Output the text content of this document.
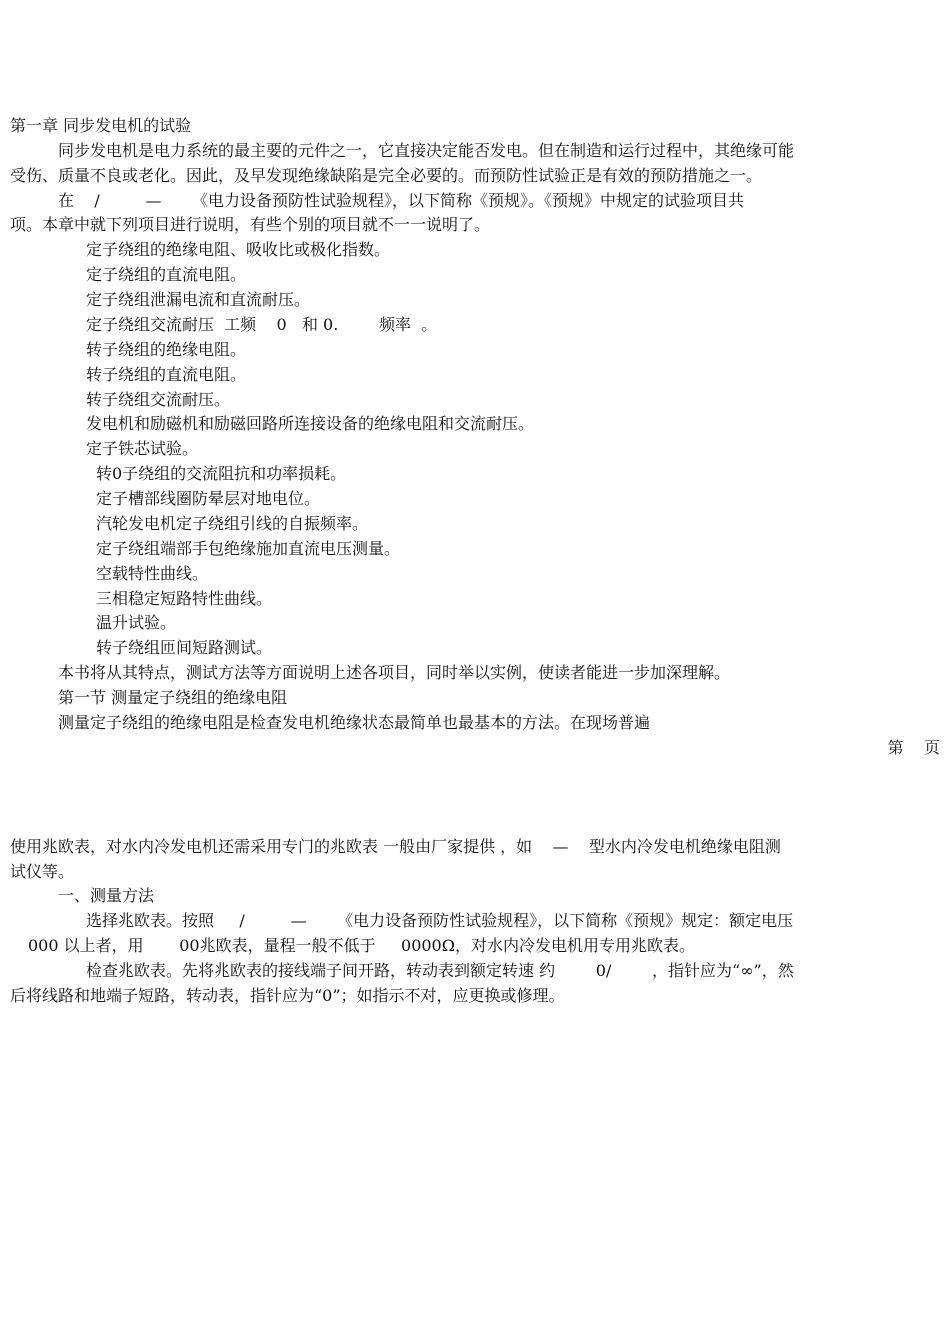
第一章 同步发电机的试验
同步发电机是电力系统的最主要的元件之一，它直接决定能否发电。但在制造和运行过程中，其绝缘可能
受伤、质量不良或老化。因此，及早发现绝缘缺陷是完全必要的。而预防性试验正是有效的预防措施之一。
在    /         —      《电力设备预防性试验规程》，以下简称《预规》。《预规》中规定的试验项目共
项。本章中就下列项目进行说明，有些个别的项目就不一一说明了。
定子绕组的绝缘电阻、吸收比或极化指数。
定子绕组的直流电阻。
定子绕组泄漏电流和直流耐压。
定子绕组交流耐压  工频    0   和 0.        频率  。
转子绕组的绝缘电阻。
转子绕组的直流电阻。
转子绕组交流耐压。
发电机和励磁机和励磁回路所连接设备的绝缘电阻和交流耐压。
定子铁芯试验。
转0子绕组的交流阻抗和功率损耗。
定子槽部线圈防晕层对地电位。
汽轮发电机定子绕组引线的自振频率。
定子绕组端部手包绝缘施加直流电压测量。
空载特性曲线。
三相稳定短路特性曲线。
温升试验。
转子绕组匝间短路测试。
本书将从其特点，测试方法等方面说明上述各项目，同时举以实例，使读者能进一步加深理解。
第一节 测量定子绕组的绝缘电阻
测量定子绕组的绝缘电阻是检查发电机绝缘状态最简单也最基本的方法。在现场普遍
第    页
使用兆欧表，对水内冷发电机还需采用专门的兆欧表 一般由厂家提供 ，如    —    型水内冷发电机绝缘电阻测
试仪等。
一、测量方法
选择兆欧表。按照     /         —      《电力设备预防性试验规程》，以下简称《预规》规定：额定电压
000 以上者，用       00兆欧表，量程一般不低于     0000Ω，对水内冷发电机用专用兆欧表。
检查兆欧表。先将兆欧表的接线端子间开路，转动表到额定转速 约        0/        ，指针应为“∞”，然
后将线路和地端子短路，转动表，指针应为“0”；如指示不对，应更换或修理。
